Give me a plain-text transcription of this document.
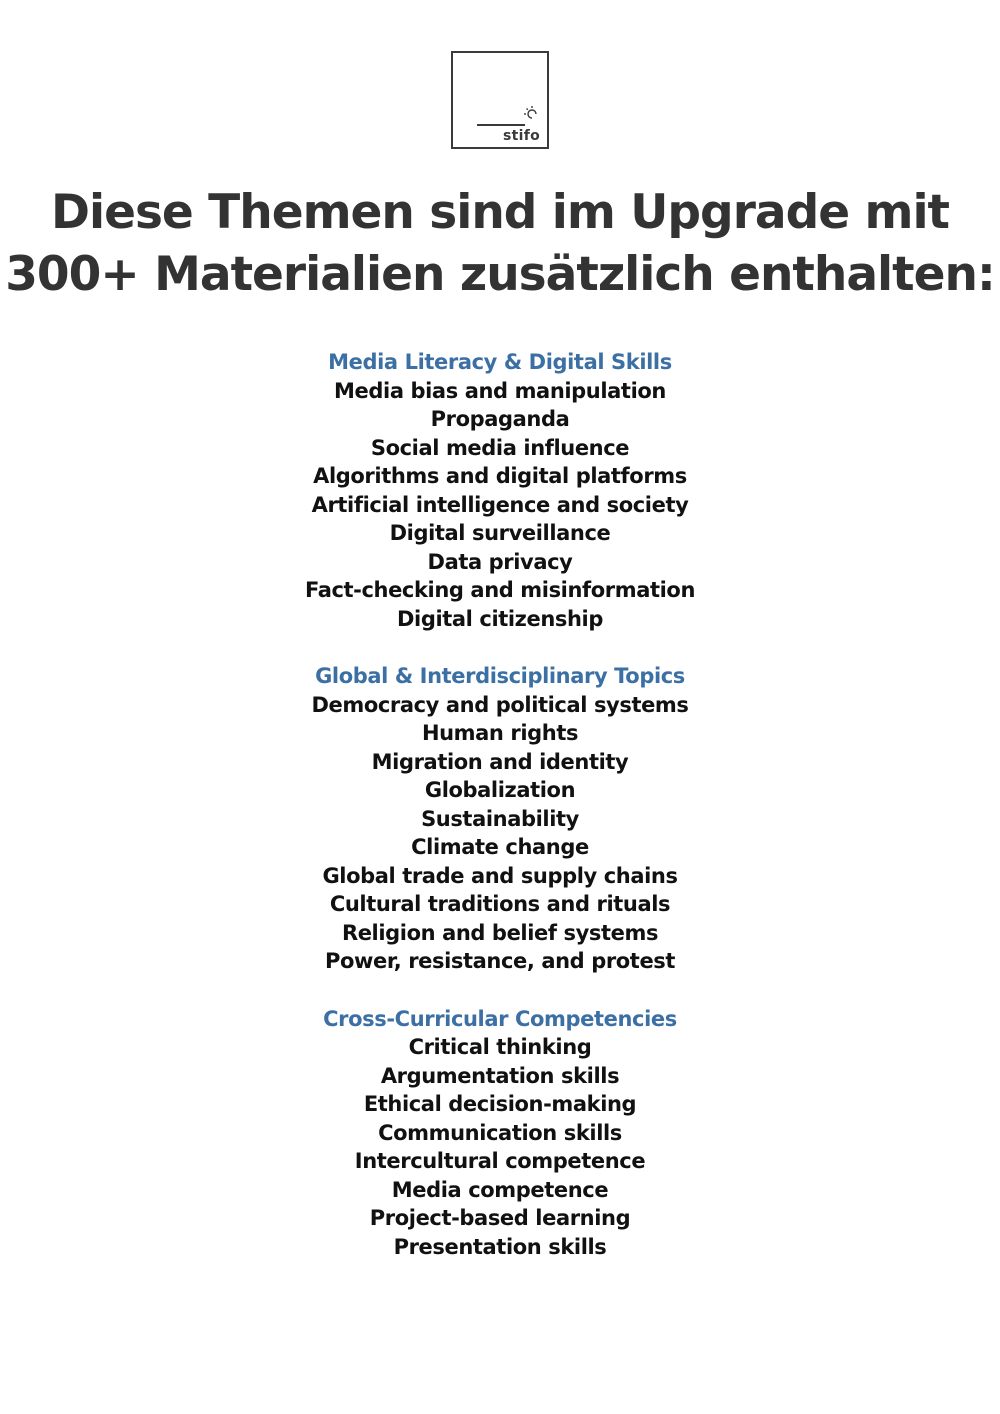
stifo
Diese Themen sind im Upgrade mit
300+ Materialien zusätzlich enthalten:
Media Literacy & Digital Skills
Media bias and manipulation
Propaganda
Social media influence
Algorithms and digital platforms
Artificial intelligence and society
Digital surveillance
Data privacy
Fact-checking and misinformation
Digital citizenship
Global & Interdisciplinary Topics
Democracy and political systems
Human rights
Migration and identity
Globalization
Sustainability
Climate change
Global trade and supply chains
Cultural traditions and rituals
Religion and belief systems
Power, resistance, and protest
Cross-Curricular Competencies
Critical thinking
Argumentation skills
Ethical decision-making
Communication skills
Intercultural competence
Media competence
Project-based learning
Presentation skills
